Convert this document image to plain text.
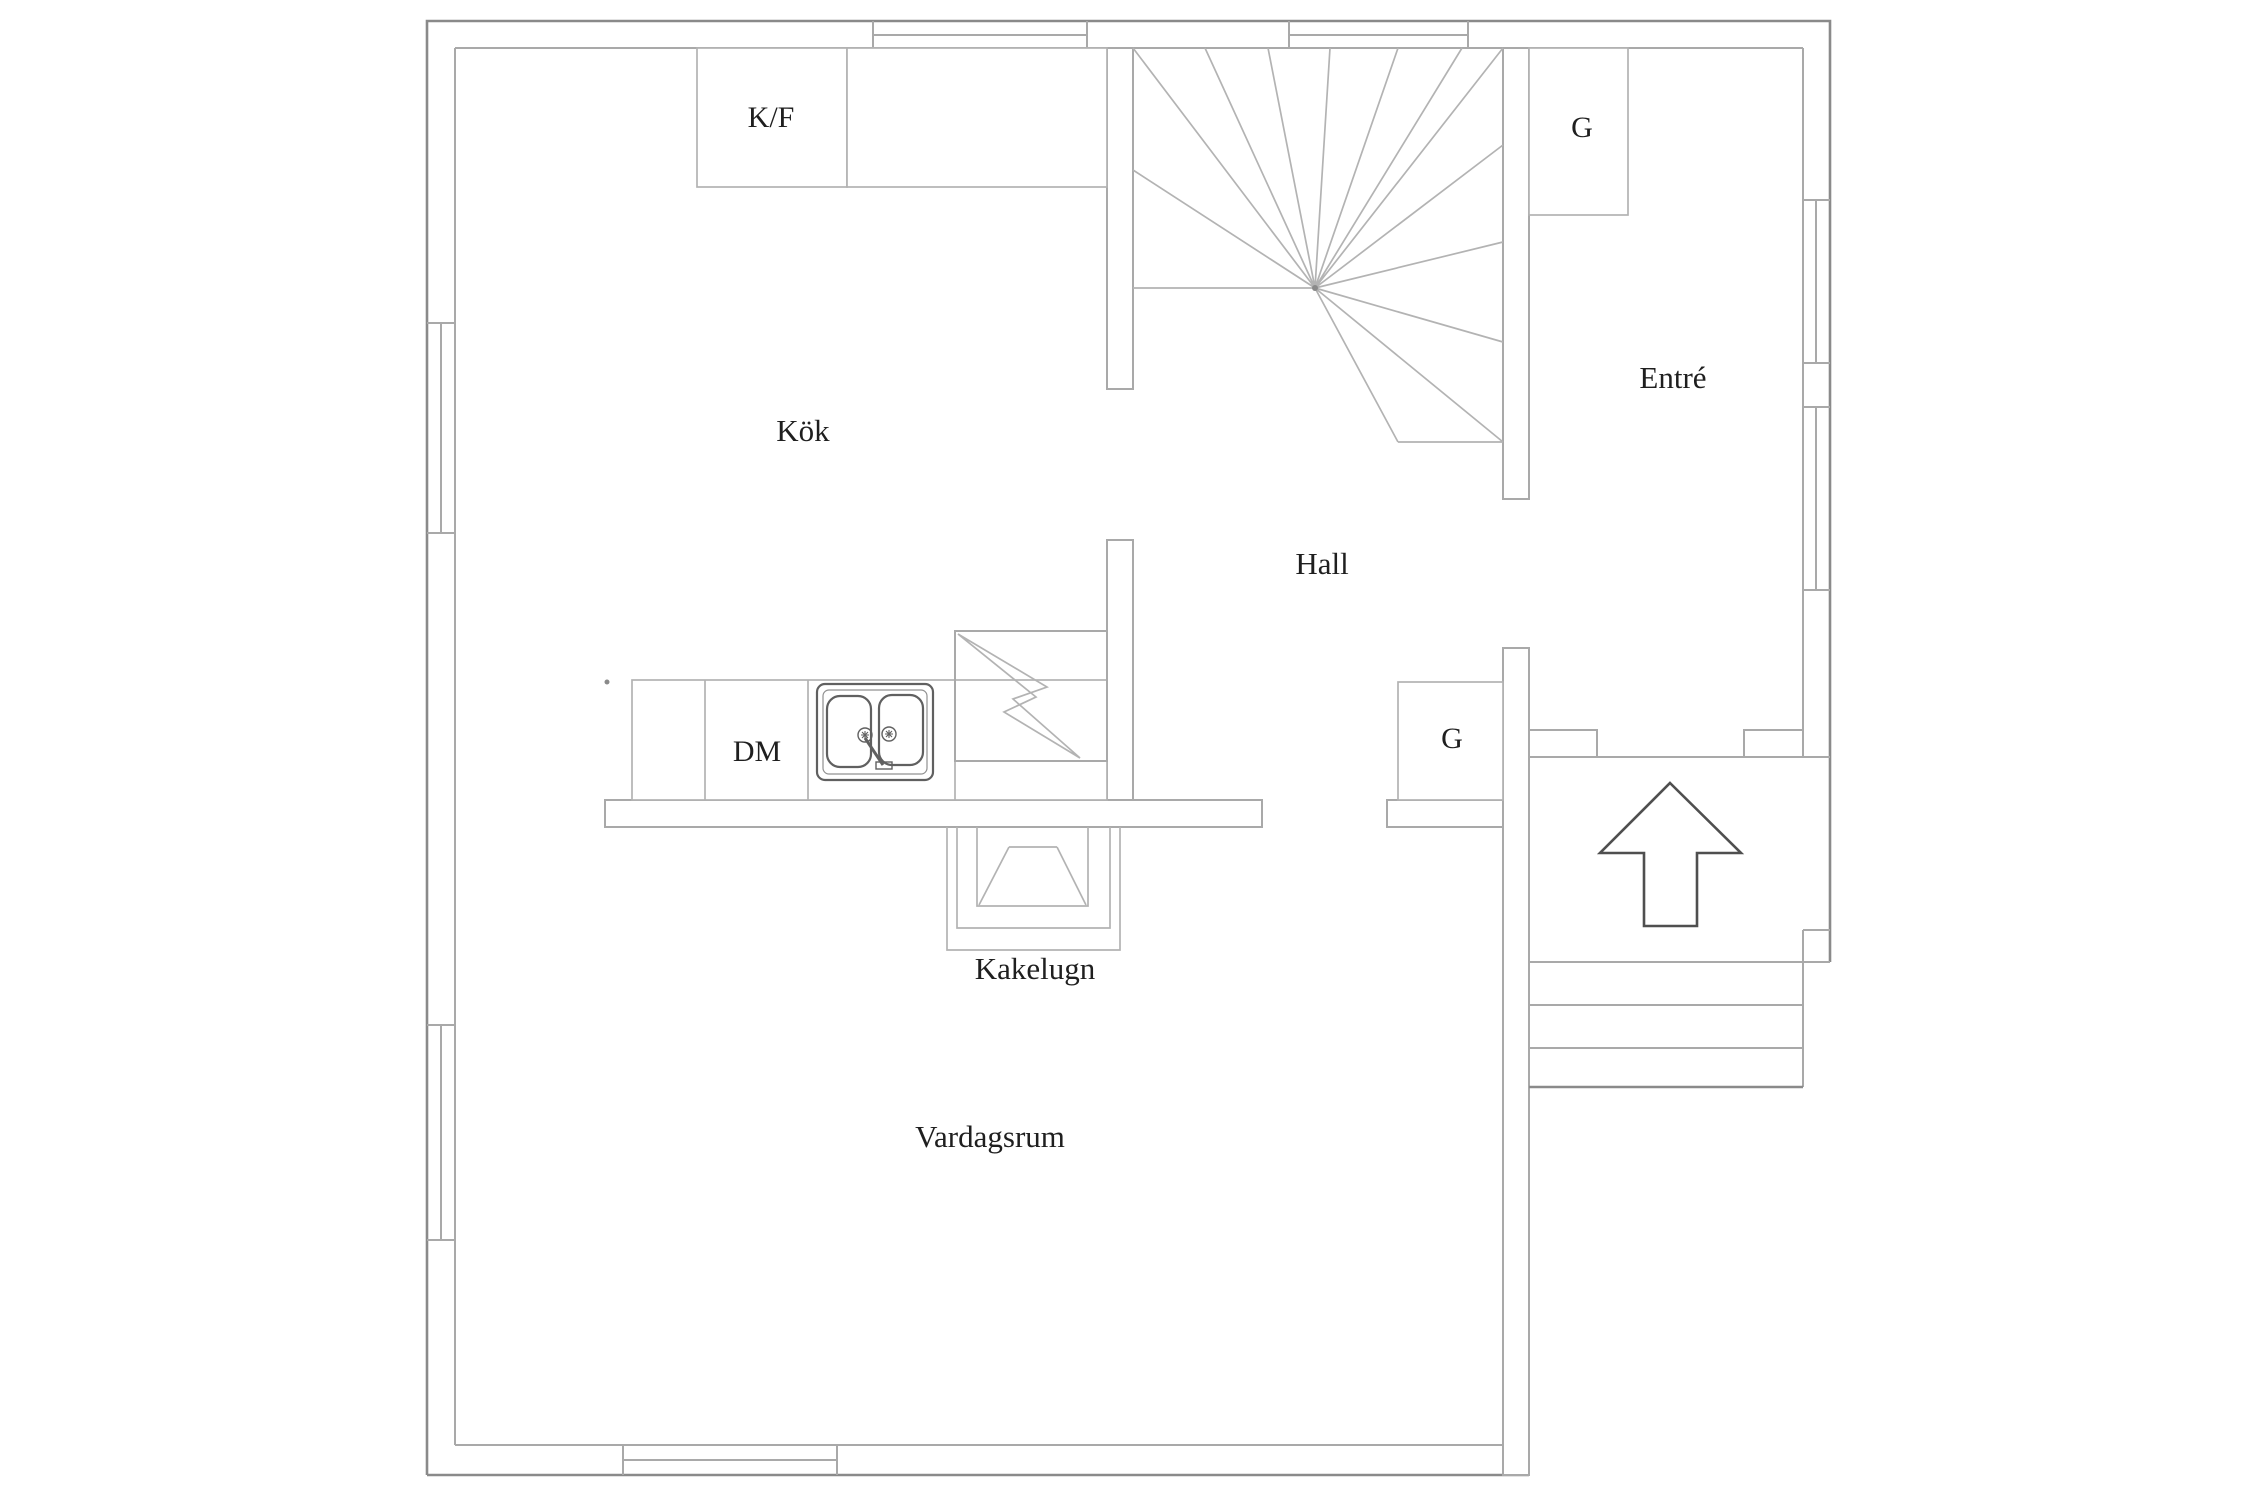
K/F
Kök
G
Entré
Hall
DM	G
Kakelugn
Vardagsrum
